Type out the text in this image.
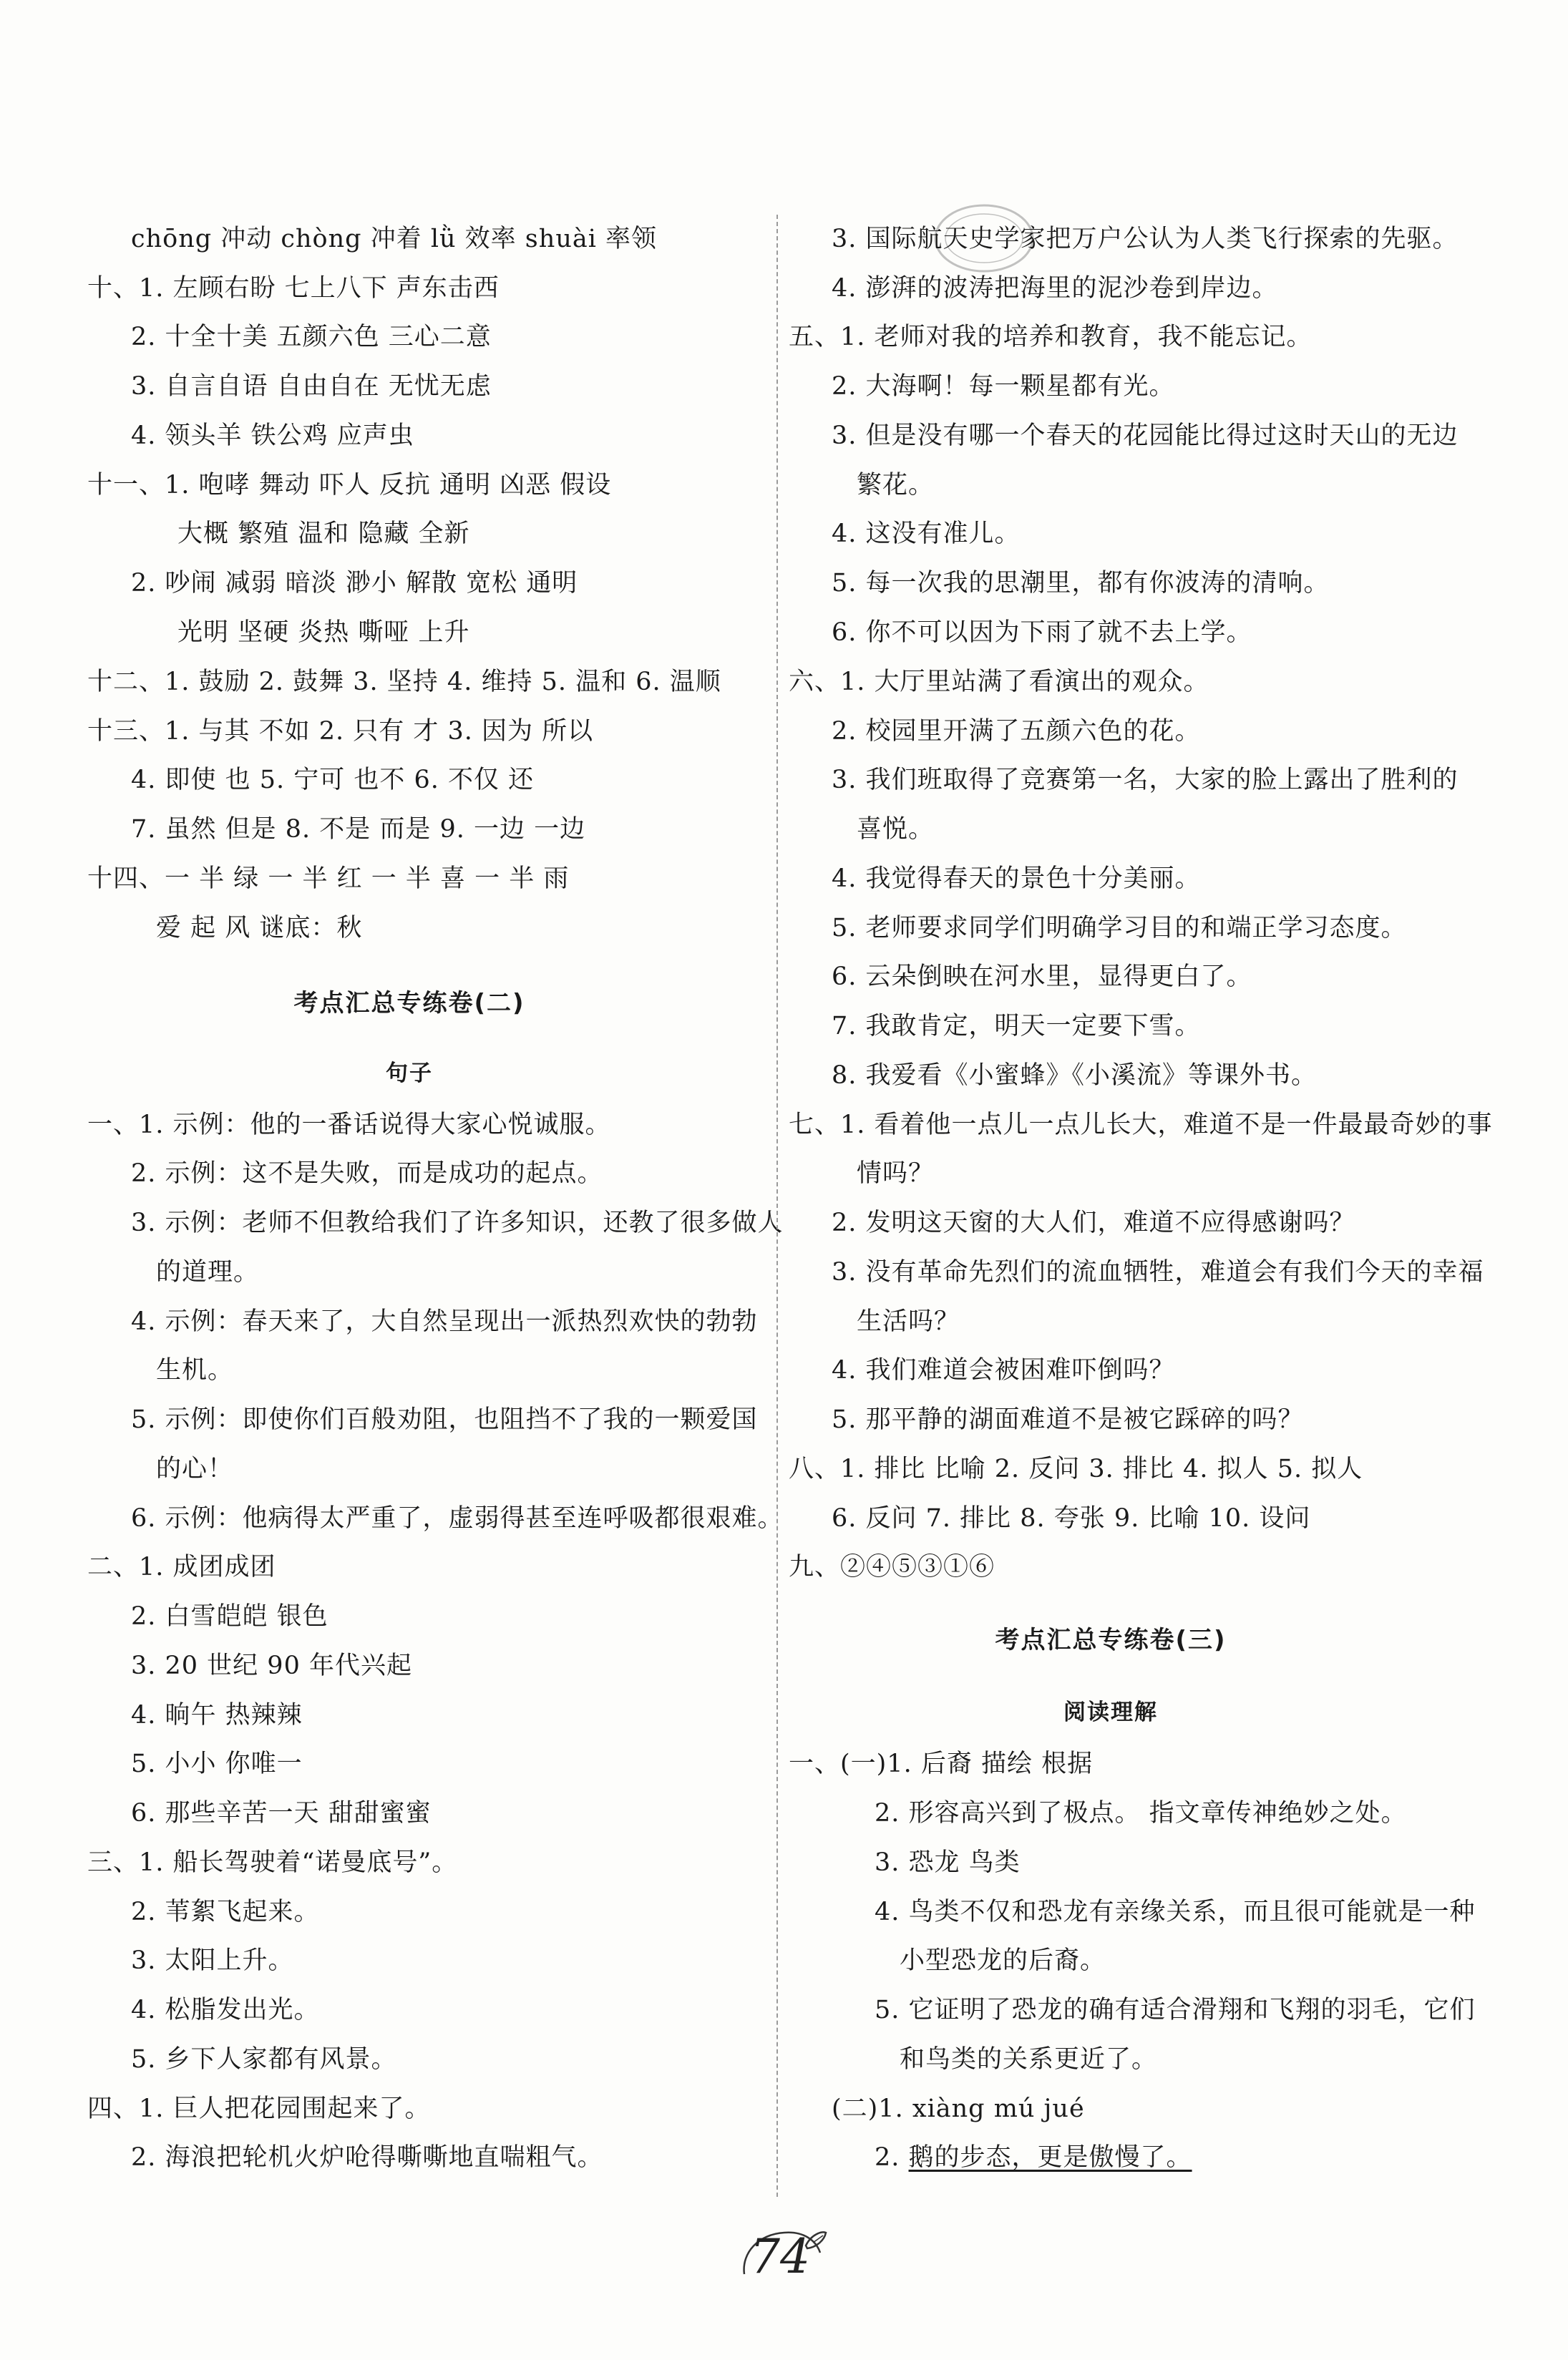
chōng 冲动 chòng 冲着 lǜ 效率 shuài 率领
十、1. 左顾右盼 七上八下 声东击西
2. 十全十美 五颜六色 三心二意
3. 自言自语 自由自在 无忧无虑
4. 领头羊 铁公鸡 应声虫
十一、1. 咆哮 舞动 吓人 反抗 通明 凶恶 假设
大概 繁殖 温和 隐藏 全新
2. 吵闹 减弱 暗淡 渺小 解散 宽松 通明
光明 坚硬 炎热 嘶哑 上升
十二、1. 鼓励 2. 鼓舞 3. 坚持 4. 维持 5. 温和 6. 温顺
十三、1. 与其 不如 2. 只有 才 3. 因为 所以
4. 即使 也 5. 宁可 也不 6. 不仅 还
7. 虽然 但是 8. 不是 而是 9. 一边 一边
十四、一 半 绿 一 半 红 一 半 喜 一 半 雨
爱 起 风 谜底：秋
考点汇总专练卷(二)
句子
一、1. 示例：他的一番话说得大家心悦诚服。
2. 示例：这不是失败，而是成功的起点。
3. 示例：老师不但教给我们了许多知识，还教了很多做人
的道理。
4. 示例：春天来了，大自然呈现出一派热烈欢快的勃勃
生机。
5. 示例：即使你们百般劝阻，也阻挡不了我的一颗爱国
的心！
6. 示例：他病得太严重了，虚弱得甚至连呼吸都很艰难。
二、1. 成团成团
2. 白雪皑皑 银色
3. 20 世纪 90 年代兴起
4. 晌午 热辣辣
5. 小小 你唯一
6. 那些辛苦一天 甜甜蜜蜜
三、1. 船长驾驶着“诺曼底号”。
2. 苇絮飞起来。
3. 太阳上升。
4. 松脂发出光。
5. 乡下人家都有风景。
四、1. 巨人把花园围起来了。
2. 海浪把轮机火炉呛得嘶嘶地直喘粗气。
3. 国际航天史学家把万户公认为人类飞行探索的先驱。
4. 澎湃的波涛把海里的泥沙卷到岸边。
五、1. 老师对我的培养和教育，我不能忘记。
2. 大海啊！每一颗星都有光。
3. 但是没有哪一个春天的花园能比得过这时天山的无边
繁花。
4. 这没有准儿。
5. 每一次我的思潮里，都有你波涛的清响。
6. 你不可以因为下雨了就不去上学。
六、1. 大厅里站满了看演出的观众。
2. 校园里开满了五颜六色的花。
3. 我们班取得了竞赛第一名，大家的脸上露出了胜利的
喜悦。
4. 我觉得春天的景色十分美丽。
5. 老师要求同学们明确学习目的和端正学习态度。
6. 云朵倒映在河水里，显得更白了。
7. 我敢肯定，明天一定要下雪。
8. 我爱看《小蜜蜂》《小溪流》等课外书。
七、1. 看着他一点儿一点儿长大，难道不是一件最最奇妙的事
情吗？
2. 发明这天窗的大人们，难道不应得感谢吗？
3. 没有革命先烈们的流血牺牲，难道会有我们今天的幸福
生活吗？
4. 我们难道会被困难吓倒吗？
5. 那平静的湖面难道不是被它踩碎的吗？
八、1. 排比 比喻 2. 反问 3. 排比 4. 拟人 5. 拟人
6. 反问 7. 排比 8. 夸张 9. 比喻 10. 设问
九、②④⑤③①⑥
考点汇总专练卷(三)
阅读理解
一、(一)1. 后裔 描绘 根据
2. 形容高兴到了极点。 指文章传神绝妙之处。
3. 恐龙 鸟类
4. 鸟类不仅和恐龙有亲缘关系，而且很可能就是一种
小型恐龙的后裔。
5. 它证明了恐龙的确有适合滑翔和飞翔的羽毛，它们
和鸟类的关系更近了。
(二)1. xiàng mú jué
2. 鹅的步态，更是傲慢了。
74
